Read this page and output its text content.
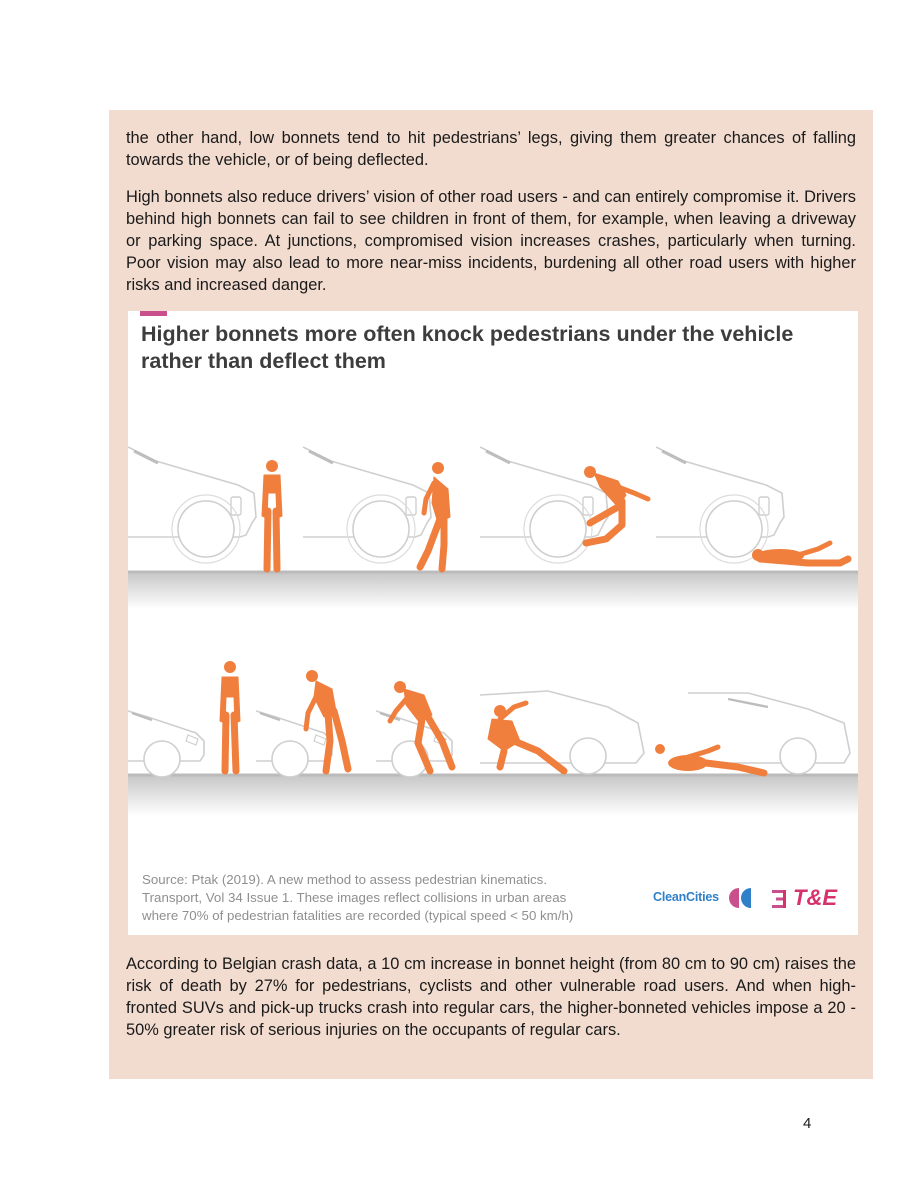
the other hand, low bonnets tend to hit pedestrians’ legs, giving them greater chances of falling towards the vehicle, or of being deflected.

High bonnets also reduce drivers’ vision of other road users - and can entirely compromise it. Drivers behind high bonnets can fail to see children in front of them, for example, when leaving a driveway or parking space. At junctions, compromised vision increases crashes, particularly when turning. Poor vision may also lead to more near-miss incidents, burdening all other road users with higher risks and increased danger.

Higher bonnets more often knock pedestrians under the vehicle
rather than deflect them

Source: Ptak (2019). A new method to assess pedestrian kinematics.
Transport, Vol 34 Issue 1. These images reflect collisions in urban areas
where 70% of pedestrian fatalities are recorded (typical speed < 50 km/h)

CleanCities	T&E

According to Belgian crash data, a 10 cm increase in bonnet height (from 80 cm to 90 cm) raises the risk of death by 27% for pedestrians, cyclists and other vulnerable road users. And when high-fronted SUVs and pick-up trucks crash into regular cars, the higher-bonneted vehicles impose a 20 - 50% greater risk of serious injuries on the occupants of regular cars.

4
